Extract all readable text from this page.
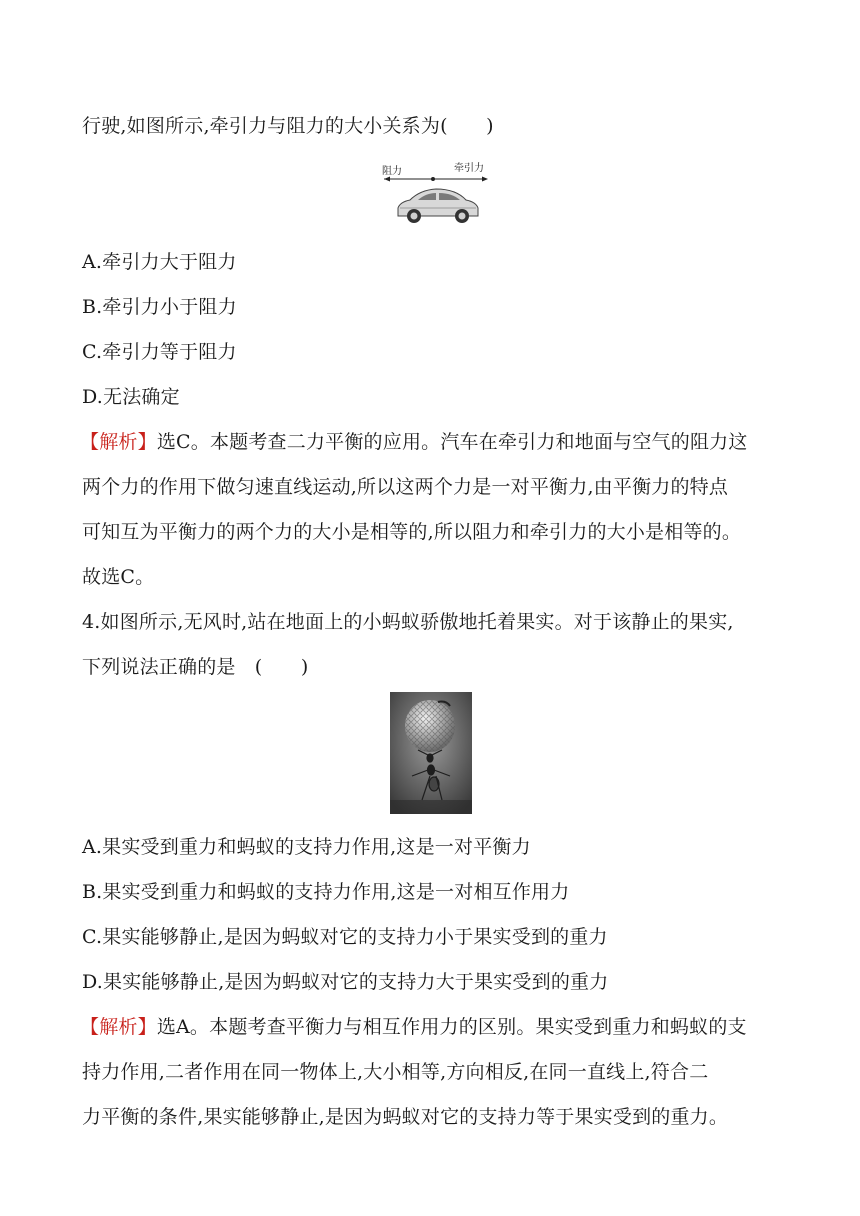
行驶,如图所示,牵引力与阻力的大小关系为(　　)
阻力	牵引力
A.牵引力大于阻力
B.牵引力小于阻力
C.牵引力等于阻力
D.无法确定
【解析】选C。本题考查二力平衡的应用。汽车在牵引力和地面与空气的阻力这
两个力的作用下做匀速直线运动,所以这两个力是一对平衡力,由平衡力的特点
可知互为平衡力的两个力的大小是相等的,所以阻力和牵引力的大小是相等的。
故选C。
4.如图所示,无风时,站在地面上的小蚂蚁骄傲地托着果实。对于该静止的果实,
下列说法正确的是　(　　)
A.果实受到重力和蚂蚁的支持力作用,这是一对平衡力
B.果实受到重力和蚂蚁的支持力作用,这是一对相互作用力
C.果实能够静止,是因为蚂蚁对它的支持力小于果实受到的重力
D.果实能够静止,是因为蚂蚁对它的支持力大于果实受到的重力
【解析】选A。本题考查平衡力与相互作用力的区别。果实受到重力和蚂蚁的支
持力作用,二者作用在同一物体上,大小相等,方向相反,在同一直线上,符合二
力平衡的条件,果实能够静止,是因为蚂蚁对它的支持力等于果实受到的重力。
